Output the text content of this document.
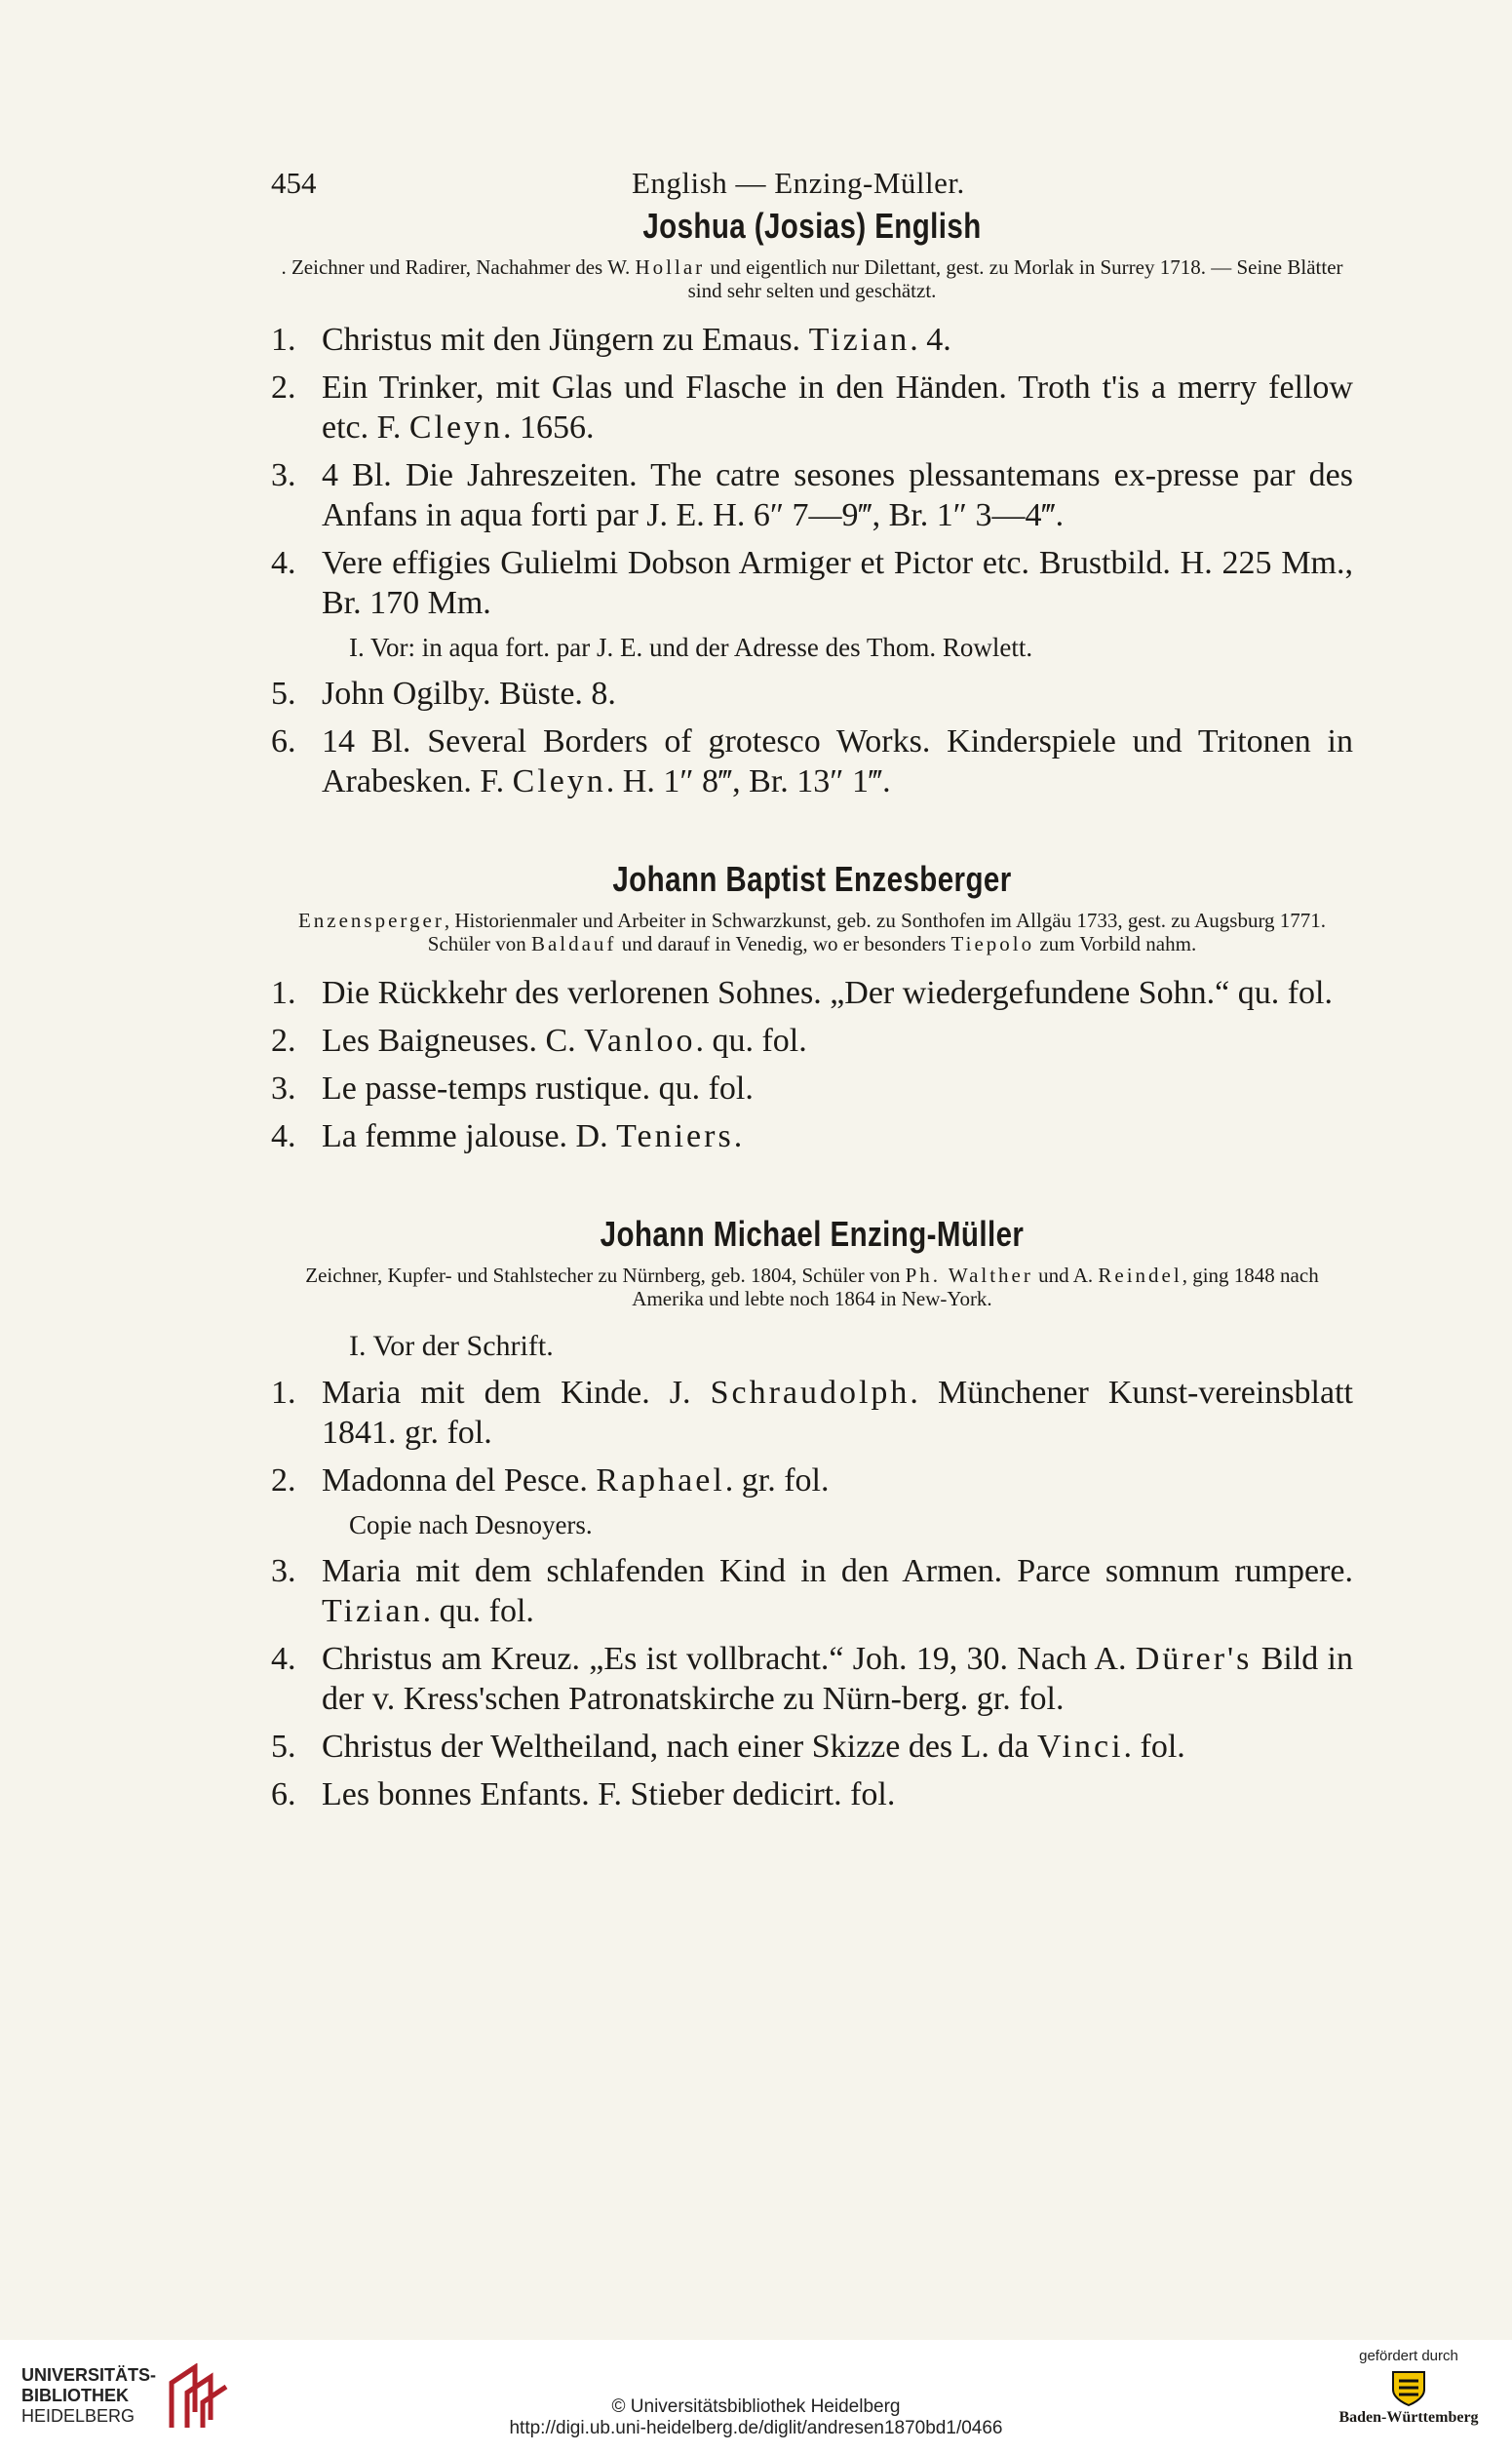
454	English — Enzing-Müller.
Joshua (Josias) English
. Zeichner und Radirer, Nachahmer des W. Hollar und eigentlich nur Dilettant, gest. zu Morlak in Surrey 1718. — Seine Blätter sind sehr selten und geschätzt.
1. Christus mit den Jüngern zu Emaus. Tizian. 4.
2. Ein Trinker, mit Glas und Flasche in den Händen. Troth t'is a merry fellow etc. F. Cleyn. 1656.
3. 4 Bl. Die Jahreszeiten. The catre sesones plessantemans ex-presse par des Anfans in aqua forti par J. E. H. 6″ 7—9‴, Br. 1″ 3—4‴.
4. Vere effigies Gulielmi Dobson Armiger et Pictor etc. Brustbild. H. 225 Mm., Br. 170 Mm.
I. Vor: in aqua fort. par J. E. und der Adresse des Thom. Rowlett.
5. John Ogilby. Büste. 8.
6. 14 Bl. Several Borders of grotesco Works. Kinderspiele und Tritonen in Arabesken. F. Cleyn. H. 1″ 8‴, Br. 13″ 1‴.
Johann Baptist Enzesberger
Enzensperger, Historienmaler und Arbeiter in Schwarzkunst, geb. zu Sonthofen im Allgäu 1733, gest. zu Augsburg 1771. Schüler von Baldauf und darauf in Venedig, wo er besonders Tiepolo zum Vorbild nahm.
1. Die Rückkehr des verlorenen Sohnes. „Der wiedergefundene Sohn.“ qu. fol.
2. Les Baigneuses. C. Vanloo. qu. fol.
3. Le passe-temps rustique. qu. fol.
4. La femme jalouse. D. Teniers.
Johann Michael Enzing-Müller
Zeichner, Kupfer- und Stahlstecher zu Nürnberg, geb. 1804, Schüler von Ph. Walther und A. Reindel, ging 1848 nach Amerika und lebte noch 1864 in New-York.
I. Vor der Schrift.
1. Maria mit dem Kinde. J. Schraudolph. Münchener Kunst-vereinsblatt 1841. gr. fol.
2. Madonna del Pesce. Raphael. gr. fol.
Copie nach Desnoyers.
3. Maria mit dem schlafenden Kind in den Armen. Parce somnum rumpere. Tizian. qu. fol.
4. Christus am Kreuz. „Es ist vollbracht.“ Joh. 19, 30. Nach A. Dürer's Bild in der v. Kress'schen Patronatskirche zu Nürn-berg. gr. fol.
5. Christus der Weltheiland, nach einer Skizze des L. da Vinci. fol.
6. Les bonnes Enfants. F. Stieber dedicirt. fol.
UNIVERSITÄTS-
BIBLIOTHEK
HEIDELBERG	© Universitätsbibliothek Heidelberg
http://digi.ub.uni-heidelberg.de/diglit/andresen1870bd1/0466
gefördert durch
Baden-Württemberg
